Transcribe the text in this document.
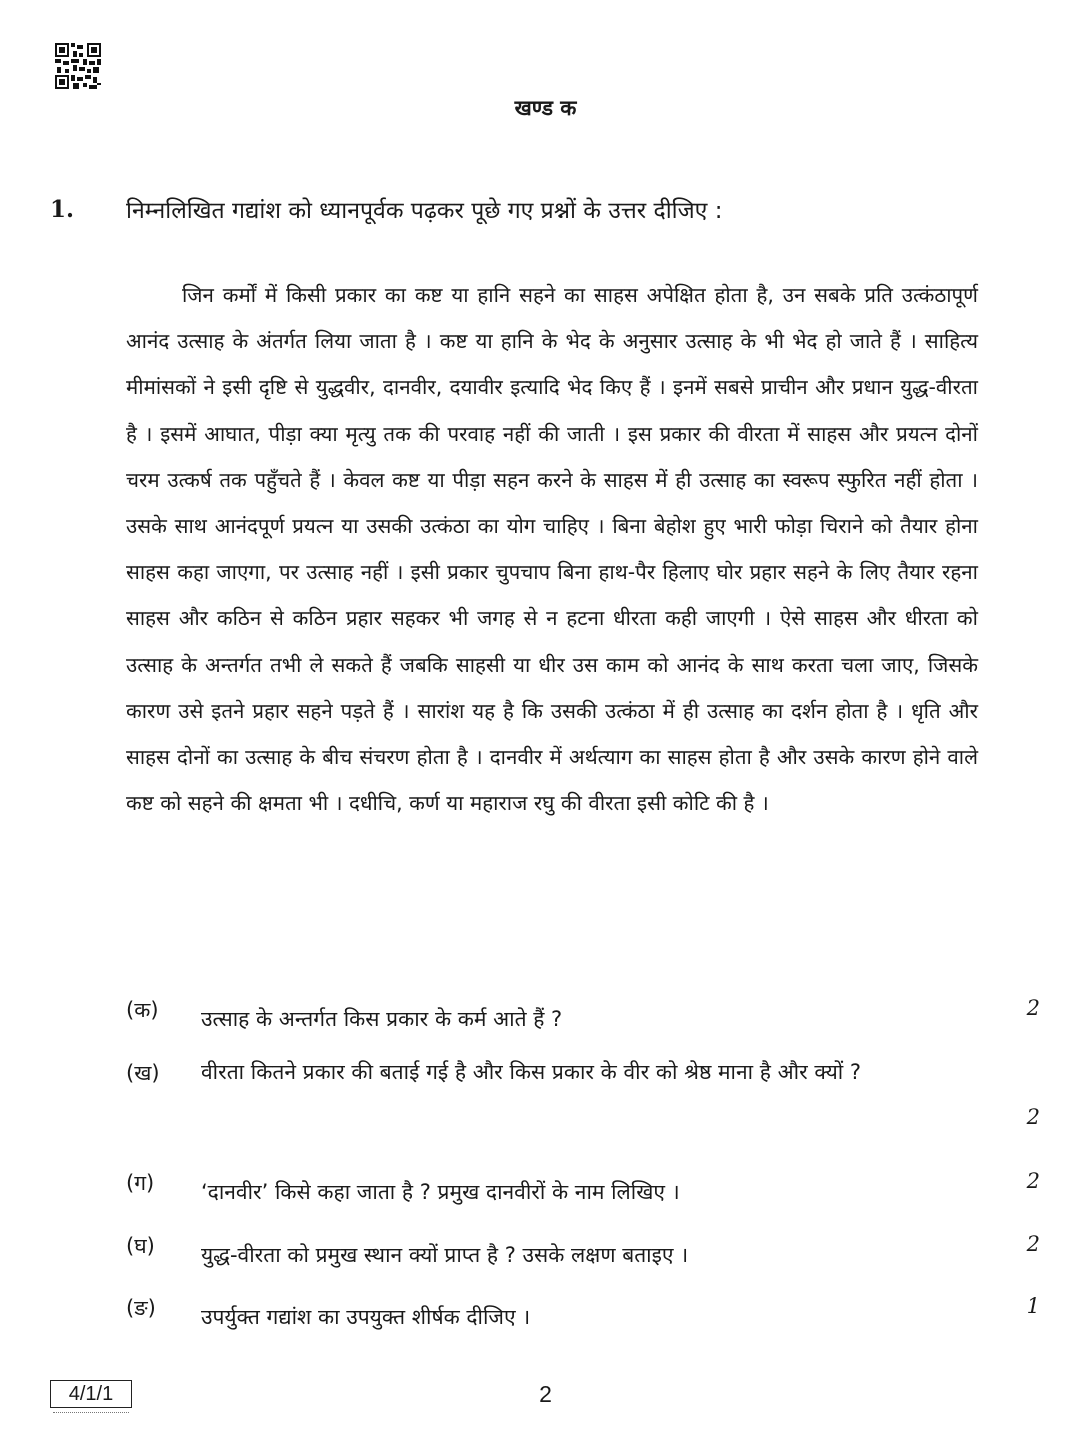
खण्ड क
1. निम्नलिखित गद्यांश को ध्यानपूर्वक पढ़कर पूछे गए प्रश्नों के उत्तर दीजिए :

जिन कर्मों में किसी प्रकार का कष्ट या हानि सहने का साहस अपेक्षित होता है, उन सबके प्रति उत्कंठापूर्ण आनंद उत्साह के अंतर्गत लिया जाता है । कष्ट या हानि के भेद के अनुसार उत्साह के भी भेद हो जाते हैं । साहित्य मीमांसकों ने इसी दृष्टि से युद्धवीर, दानवीर, दयावीर इत्यादि भेद किए हैं । इनमें सबसे प्राचीन और प्रधान युद्ध-वीरता है । इसमें आघात, पीड़ा क्या मृत्यु तक की परवाह नहीं की जाती । इस प्रकार की वीरता में साहस और प्रयत्न दोनों चरम उत्कर्ष तक पहुँचते हैं । केवल कष्ट या पीड़ा सहन करने के साहस में ही उत्साह का स्वरूप स्फुरित नहीं होता । उसके साथ आनंदपूर्ण प्रयत्न या उसकी उत्कंठा का योग चाहिए । बिना बेहोश हुए भारी फोड़ा चिराने को तैयार होना साहस कहा जाएगा, पर उत्साह नहीं । इसी प्रकार चुपचाप बिना हाथ-पैर हिलाए घोर प्रहार सहने के लिए तैयार रहना साहस और कठिन से कठिन प्रहार सहकर भी जगह से न हटना धीरता कही जाएगी । ऐसे साहस और धीरता को उत्साह के अन्तर्गत तभी ले सकते हैं जबकि साहसी या धीर उस काम को आनंद के साथ करता चला जाए, जिसके कारण उसे इतने प्रहार सहने पड़ते हैं । सारांश यह है कि उसकी उत्कंठा में ही उत्साह का दर्शन होता है । धृति और साहस दोनों का उत्साह के बीच संचरण होता है । दानवीर में अर्थत्याग का साहस होता है और उसके कारण होने वाले कष्ट को सहने की क्षमता भी । दधीचि, कर्ण या महाराज रघु की वीरता इसी कोटि की है ।

(क) उत्साह के अन्तर्गत किस प्रकार के कर्म आते हैं ?	2
(ख) वीरता कितने प्रकार की बताई गई है और किस प्रकार के वीर को श्रेष्ठ माना है और क्यों ?
2
(ग) ‘दानवीर’ किसे कहा जाता है ? प्रमुख दानवीरों के नाम लिखिए ।	2
(घ) युद्ध-वीरता को प्रमुख स्थान क्यों प्राप्त है ? उसके लक्षण बताइए ।	2
(ङ) उपर्युक्त गद्यांश का उपयुक्त शीर्षक दीजिए ।	1
4/1/1	2
